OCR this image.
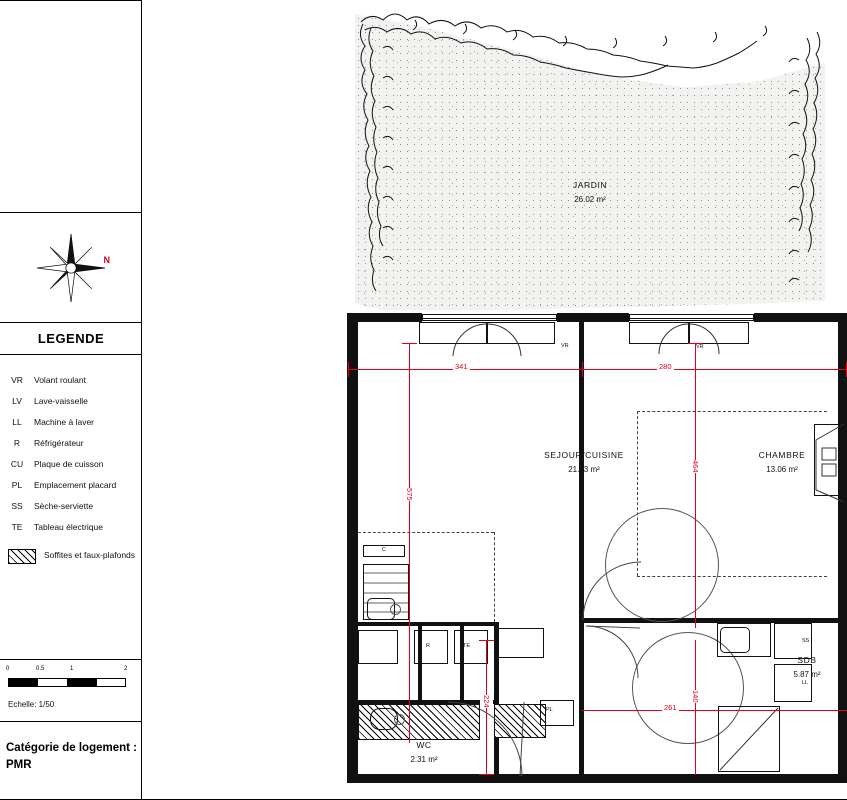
N
LEGENDE
VR	Volant roulant
LV	Lave-vaisselle
LL	Machine à laver
R	Réfrigérateur
CU	Plaque de cuisson
PL	Emplacement placard
SS	Sèche-serviette
TE	Tableau électrique
Soffites et faux-plafonds
0	0.5	1	2
Echelle: 1/50
Catégorie de logement : PMR
JARDIN
26.02 m²
VR	VR
SEJOUR/CUISINE
21.83 m²
C
R	TE
WC
2.31 m²
CHAMBRE
13.06 m²
SDB
5.87 m²
SS
LL
PL
341	280
575
464
224	261
140
